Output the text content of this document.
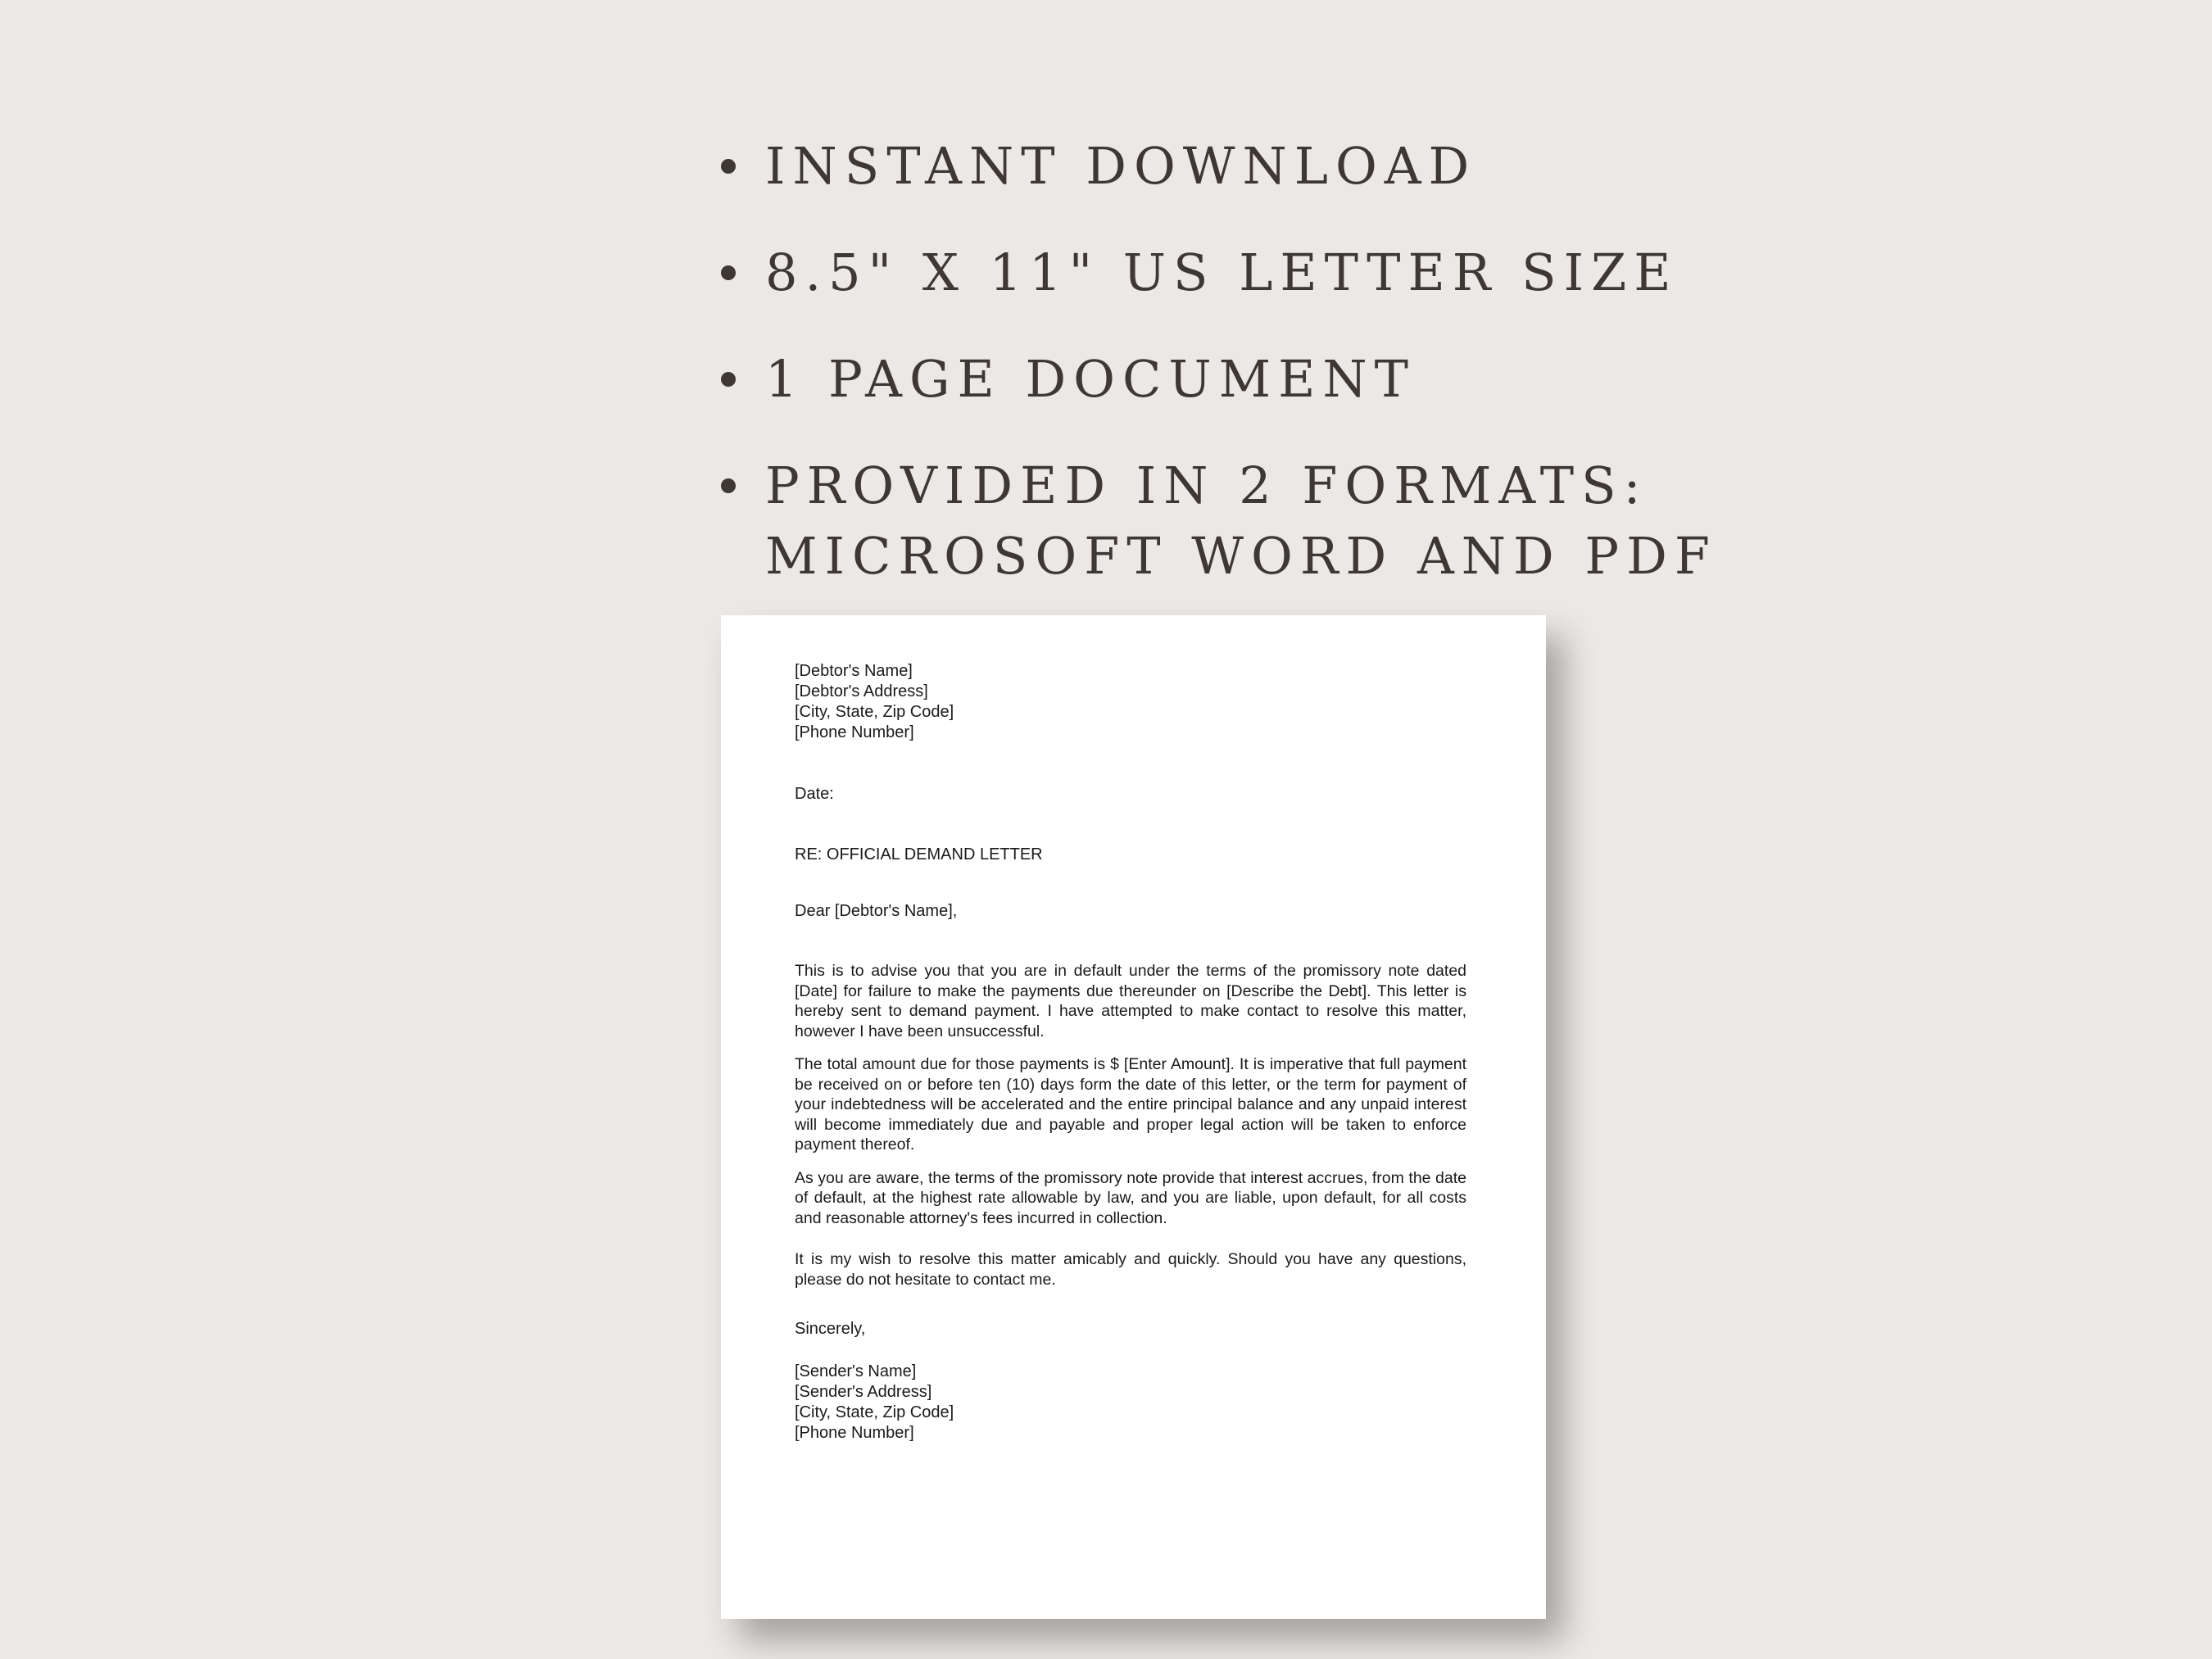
INSTANT DOWNLOAD
8.5" X 11" US LETTER SIZE
1 PAGE DOCUMENT
PROVIDED IN 2 FORMATS:
MICROSOFT WORD AND PDF
[Debtor's Name]
[Debtor's Address]
[City, State, Zip Code]
[Phone Number]
Date:
RE: OFFICIAL DEMAND LETTER
Dear [Debtor's Name],

This is to advise you that you are in default under the terms of the promissory note dated [Date] for failure to make the payments due thereunder on [Describe the Debt]. This letter is hereby sent to demand payment. I have attempted to make contact to resolve this matter, however I have been unsuccessful.

The total amount due for those payments is $ [Enter Amount]. It is imperative that full payment be received on or before ten (10) days form the date of this letter, or the term for payment of your indebtedness will be accelerated and the entire principal balance and any unpaid interest will become immediately due and payable and proper legal action will be taken to enforce payment thereof.

As you are aware, the terms of the promissory note provide that interest accrues, from the date of default, at the highest rate allowable by law, and you are liable, upon default, for all costs and reasonable attorney's fees incurred in collection.

It is my wish to resolve this matter amicably and quickly. Should you have any questions, please do not hesitate to contact me.

Sincerely,
[Sender's Name]
[Sender's Address]
[City, State, Zip Code]
[Phone Number]
